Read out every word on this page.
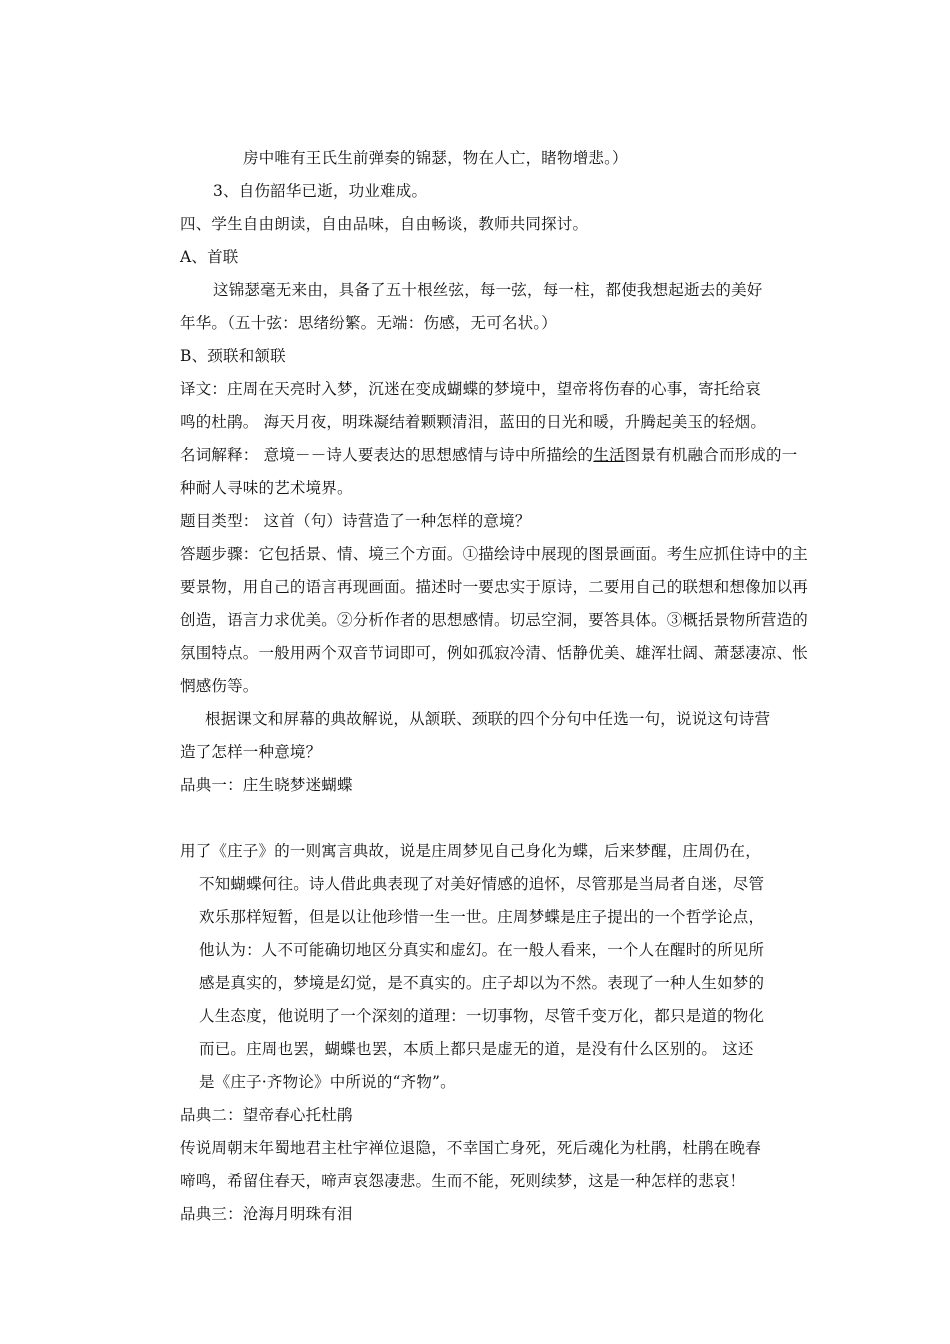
房中唯有王氏生前弹奏的锦瑟，物在人亡，睹物增悲。）
3、自伤韶华已逝，功业难成。
四、学生自由朗读，自由品味，自由畅谈，教师共同探讨。
A、首联
这锦瑟毫无来由，具备了五十根丝弦，每一弦，每一柱，都使我想起逝去的美好
年华。（五十弦：思绪纷繁。无端：伤感，无可名状。）
B、颈联和颔联
译文：庄周在天亮时入梦，沉迷在变成蝴蝶的梦境中，望帝将伤春的心事，寄托给哀
鸣的杜鹃。 海天月夜，明珠凝结着颗颗清泪，蓝田的日光和暖，升腾起美玉的轻烟。
名词解释： 意境－－诗人要表达的思想感情与诗中所描绘的生活图景有机融合而形成的一
种耐人寻味的艺术境界。
题目类型： 这首（句）诗营造了一种怎样的意境？
答题步骤：它包括景、情、境三个方面。①描绘诗中展现的图景画面。考生应抓住诗中的主
要景物，用自己的语言再现画面。描述时一要忠实于原诗，二要用自己的联想和想像加以再
创造，语言力求优美。②分析作者的思想感情。切忌空洞，要答具体。③概括景物所营造的
氛围特点。一般用两个双音节词即可，例如孤寂冷清、恬静优美、雄浑壮阔、萧瑟凄凉、怅
惘感伤等。
根据课文和屏幕的典故解说，从颔联、颈联的四个分句中任选一句，说说这句诗营
造了怎样一种意境？
品典一：庄生晓梦迷蝴蝶
用了《庄子》的一则寓言典故，说是庄周梦见自己身化为蝶，后来梦醒，庄周仍在，
不知蝴蝶何往。诗人借此典表现了对美好情感的追怀，尽管那是当局者自迷，尽管
欢乐那样短暂，但是以让他珍惜一生一世。庄周梦蝶是庄子提出的一个哲学论点，
他认为：人不可能确切地区分真实和虚幻。在一般人看来，一个人在醒时的所见所
感是真实的，梦境是幻觉，是不真实的。庄子却以为不然。表现了一种人生如梦的
人生态度，他说明了一个深刻的道理：一切事物，尽管千变万化，都只是道的物化
而已。庄周也罢，蝴蝶也罢，本质上都只是虚无的道，是没有什么区别的。 这还
是《庄子·齐物论》中所说的“齐物”。
品典二：望帝春心托杜鹃
传说周朝末年蜀地君主杜宇禅位退隐，不幸国亡身死，死后魂化为杜鹃，杜鹃在晚春
啼鸣，希留住春天，啼声哀怨凄悲。生而不能，死则续梦，这是一种怎样的悲哀！
品典三：沧海月明珠有泪
